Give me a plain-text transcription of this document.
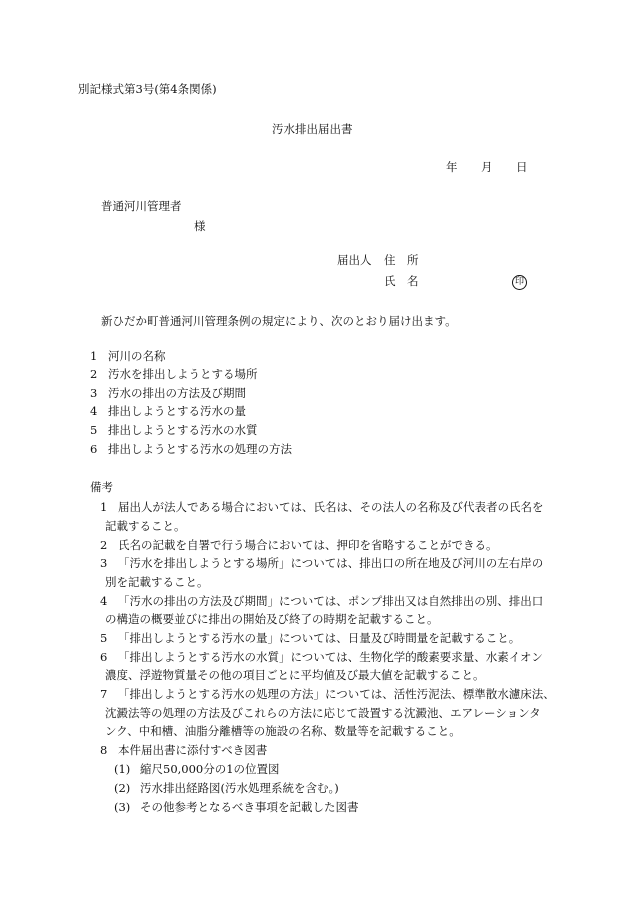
別記様式第3号(第4条関係)
汚水排出届出書
年 月 日
普通河川管理者
様
届出人 住　所
氏　名	印
新ひだか町普通河川管理条例の規定により、次のとおり届け出ます。
1 河川の名称
2 汚水を排出しようとする場所
3 汚水の排出の方法及び期間
4 排出しようとする汚水の量
5 排出しようとする汚水の水質
6 排出しようとする汚水の処理の方法
備考
1 届出人が法人である場合においては、氏名は、その法人の名称及び代表者の氏名を
記載すること。
2 氏名の記載を自署で行う場合においては、押印を省略することができる。
3 「汚水を排出しようとする場所」については、排出口の所在地及び河川の左右岸の
別を記載すること。
4 「汚水の排出の方法及び期間」については、ポンプ排出又は自然排出の別、排出口
の構造の概要並びに排出の開始及び終了の時期を記載すること。
5 「排出しようとする汚水の量」については、日量及び時間量を記載すること。
6 「排出しようとする汚水の水質」については、生物化学的酸素要求量、水素イオン
濃度、浮遊物質量その他の項目ごとに平均値及び最大値を記載すること。
7 「排出しようとする汚水の処理の方法」については、活性汚泥法、標準散水濾床法、
沈澱法等の処理の方法及びこれらの方法に応じて設置する沈澱池、エアレーションタ
ンク、中和槽、油脂分離槽等の施設の名称、数量等を記載すること。
8 本件届出書に添付すべき図書
(1) 縮尺50,000分の1の位置図
(2) 汚水排出経路図(汚水処理系統を含む。)
(3) その他参考となるべき事項を記載した図書
